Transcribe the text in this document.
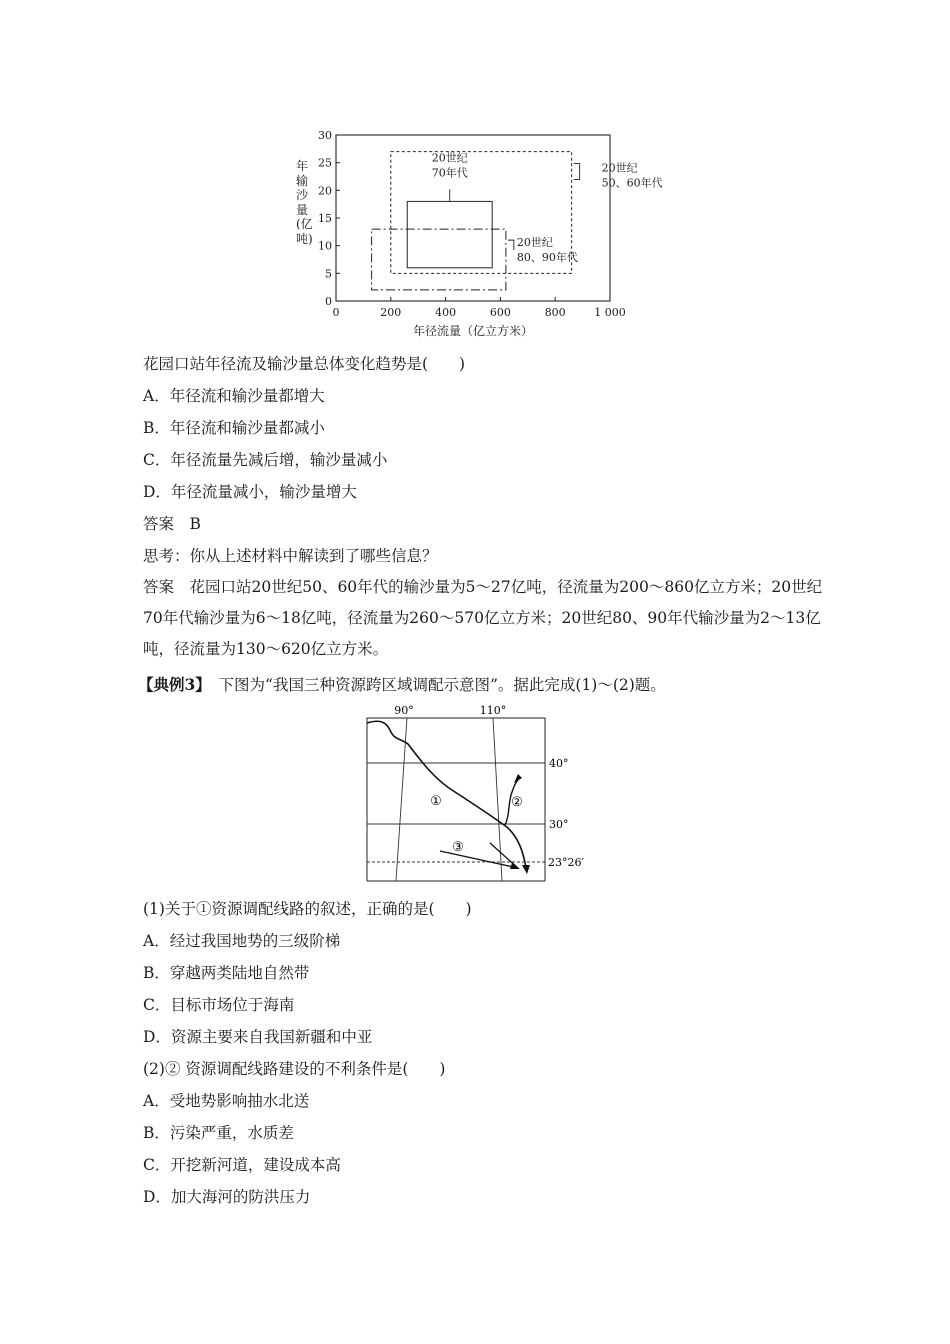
0	200	400	600	800	1 000
0
5
10
15
20
25
30
20世纪
50、60年代
20世纪
70年代
20世纪
80、90年代
年径流量（亿立方米）
年输沙量(亿吨)
花园口站年径流及输沙量总体变化趋势是(　　)
A．年径流和输沙量都增大
B．年径流和输沙量都减小
C．年径流量先减后增，输沙量减小
D．年径流量减小，输沙量增大
答案　B
思考：你从上述材料中解读到了哪些信息？
答案　花园口站20世纪50、60年代的输沙量为5～27亿吨，径流量为200～860亿立方米；20世纪70年代输沙量为6～18亿吨，径流量为260～570亿立方米；20世纪80、90年代输沙量为2～13亿吨，径流量为130～620亿立方米。
【典例3】　下图为“我国三种资源跨区域调配示意图”。据此完成(1)～(2)题。
90°	110°
40°
30°
23°26′
①	②
③
(1)关于①资源调配线路的叙述，正确的是(　　)
A．经过我国地势的三级阶梯
B．穿越两类陆地自然带
C．目标市场位于海南
D．资源主要来自我国新疆和中亚
(2)② 资源调配线路建设的不利条件是(　　)
A．受地势影响抽水北送
B．污染严重，水质差
C．开挖新河道，建设成本高
D．加大海河的防洪压力
